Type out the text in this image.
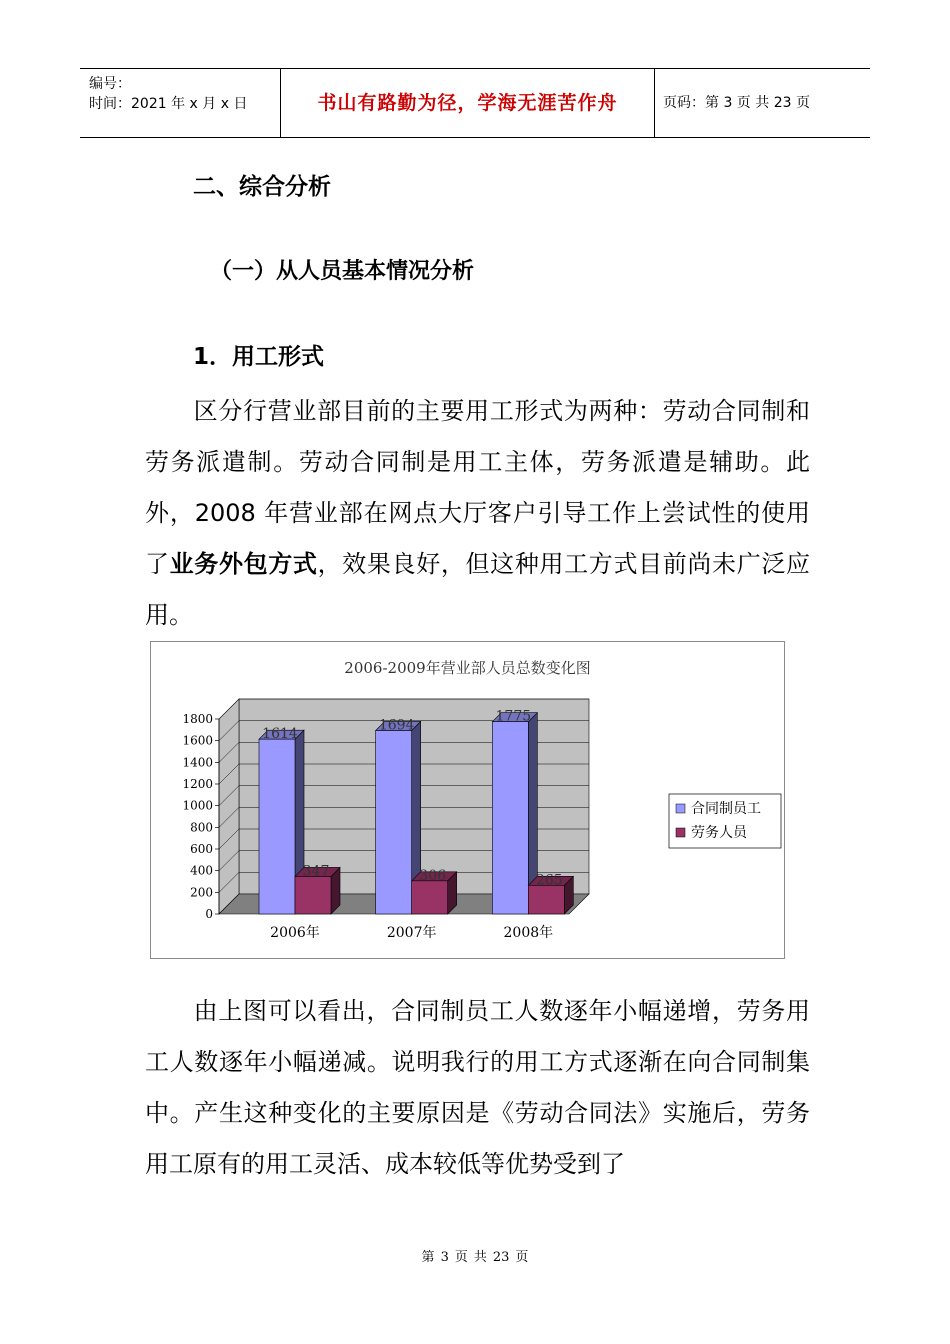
编号：
时间：2021 年 x 月 x 日	书山有路勤为径，学海无涯苦作舟	页码：第 3 页 共 23 页
二、综合分析
（一）从人员基本情况分析
1．用工形式
区分行营业部目前的主要用工形式为两种：劳动合同制和劳务派遣制。劳动合同制是用工主体，劳务派遣是辅助。此外，2008 年营业部在网点大厅客户引导工作上尝试性的使用了业务外包方式，效果良好，但这种用工方式目前尚未广泛应用。
2006-2009年营业部人员总数变化图
0
200
400
600
800
1000
1200
1400
1600
1800
1614
347
2006年
1694
306
2007年
1775
265
2008年
合同制员工
劳务人员
由上图可以看出，合同制员工人数逐年小幅递增，劳务用工人数逐年小幅递减。说明我行的用工方式逐渐在向合同制集中。产生这种变化的主要原因是《劳动合同法》实施后，劳务用工原有的用工灵活、成本较低等优势受到了
第 3 页 共 23 页
